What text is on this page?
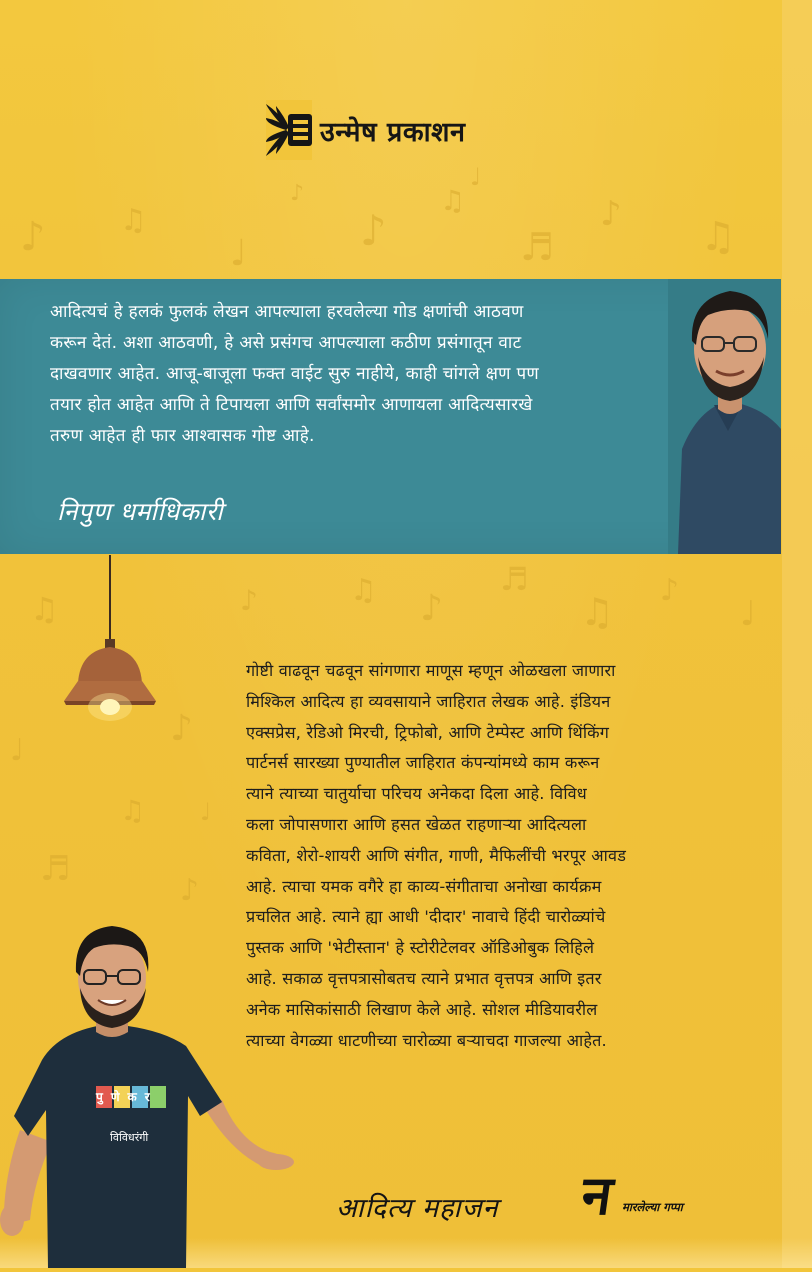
♪ ♫
♩	♪
♫
♬
♪ ♫
♩
♪
♫ ♪
♬
♫ ♪
♩
♪
♫
♩
♪
♫
♬
♪
♩
उन्मेष प्रकाशन
आदित्यचं हे हलकं फुलकं लेखन आपल्याला हरवलेल्या गोड क्षणांची आठवण
करून देतं. अशा आठवणी, हे असे प्रसंगच आपल्याला कठीण प्रसंगातून वाट
दाखवणार आहेत. आजू-बाजूला फक्त वाईट सुरु नाहीये, काही चांगले क्षण पण
तयार होत आहेत आणि ते टिपायला आणि सर्वांसमोर आणायला आदित्यसारखे
तरुण आहेत ही फार आश्वासक गोष्ट आहे.
निपुण धर्माधिकारी
गोष्टी वाढवून चढवून सांगणारा माणूस म्हणून ओळखला जाणारा
मिश्किल आदित्य हा व्यवसायाने जाहिरात लेखक आहे. इंडियन
एक्सप्रेस, रेडिओ मिरची, ट्रिफोबो, आणि टेम्पेस्ट आणि थिंकिंग
पार्टनर्स सारख्या पुण्यातील जाहिरात कंपन्यांमध्ये काम करून
त्याने त्याच्या चातुर्याचा परिचय अनेकदा दिला आहे. विविध
कला जोपासणारा आणि हसत खेळत राहणाऱ्या आदित्यला
कविता, शेरो-शायरी आणि संगीत, गाणी, मैफिलींची भरपूर आवड
आहे. त्याचा यमक वगैरे हा काव्य-संगीताचा अनोखा कार्यक्रम
प्रचलित आहे. त्याने ह्या आधी 'दीदार' नावाचे हिंदी चारोळ्यांचे
पुस्तक आणि 'भेटीस्तान' हे स्टोरीटेलवर ऑडिओबुक लिहिले
आहे. सकाळ वृत्तपत्रासोबतच त्याने प्रभात वृत्तपत्र आणि इतर
अनेक मासिकांसाठी लिखाण केले आहे. सोशल मीडियावरील
त्याच्या वेगळ्या धाटणीच्या चारोळ्या बऱ्याचदा गाजल्या आहेत.
पुणेकर
विविधरंगी
आदित्य महाजन न मारलेल्या गप्पा
